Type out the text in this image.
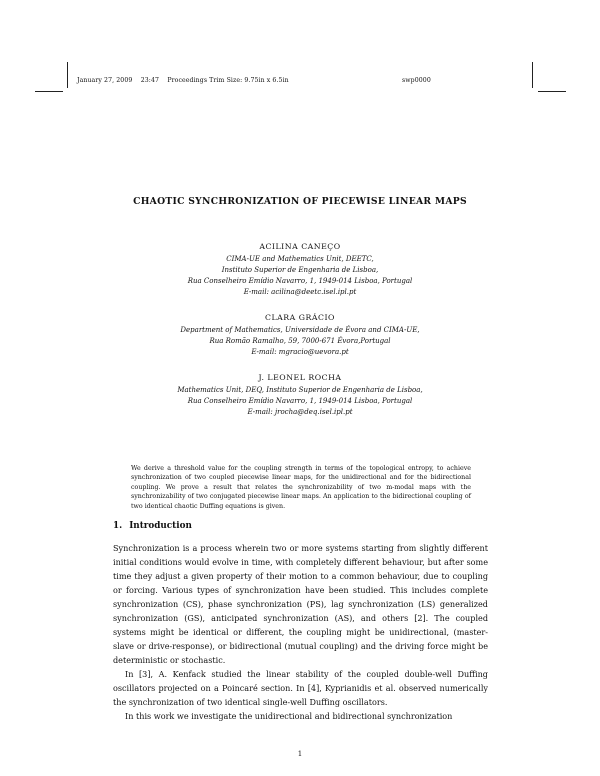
January 27, 2009 23:47 Proceedings Trim Size: 9.75in x 6.5in	swp0000
CHAOTIC SYNCHRONIZATION OF PIECEWISE LINEAR MAPS
ACILINA CANEÇO
CIMA-UE and Mathematics Unit, DEETC,
Instituto Superior de Engenharia de Lisboa,
Rua Conselheiro Emídio Navarro, 1, 1949-014 Lisboa, Portugal
E-mail: acilina@deetc.isel.ipl.pt
CLARA GRÁCIO
Department of Mathematics, Universidade de Évora and CIMA-UE,
Rua Romão Ramalho, 59, 7000-671 Évora,Portugal
E-mail: mgracio@uevora.pt
J. LEONEL ROCHA
Mathematics Unit, DEQ, Instituto Superior de Engenharia de Lisboa,
Rua Conselheiro Emídio Navarro, 1, 1949-014 Lisboa, Portugal
E-mail: jrocha@deq.isel.ipl.pt
We derive a threshold value for the coupling strength in terms of the topological entropy, to achieve synchronization of two coupled piecewise linear maps, for the unidirectional and for the bidirectional coupling. We prove a result that relates the synchronizability of two m-modal maps with the synchronizability of two conjugated piecewise linear maps. An application to the bidirectional coupling of two identical chaotic Duffing equations is given.
1. Introduction

Synchronization is a process wherein two or more systems starting from slightly different initial conditions would evolve in time, with completely different behaviour, but after some time they adjust a given property of their motion to a common behaviour, due to coupling or forcing. Various types of synchronization have been studied. This includes complete synchronization (CS), phase synchronization (PS), lag synchronization (LS) generalized synchronization (GS), anticipated synchronization (AS), and others [2]. The coupled systems might be identical or different, the coupling might be unidirectional, (master-slave or drive-response), or bidirectional (mutual coupling) and the driving force might be deterministic or stochastic.

In [3], A. Kenfack studied the linear stability of the coupled double-well Duffing oscillators projected on a Poincaré section. In [4], Kyprianidis et al. observed numerically the synchronization of two identical single-well Duffing oscillators.

In this work we investigate the unidirectional and bidirectional synchronization

1
